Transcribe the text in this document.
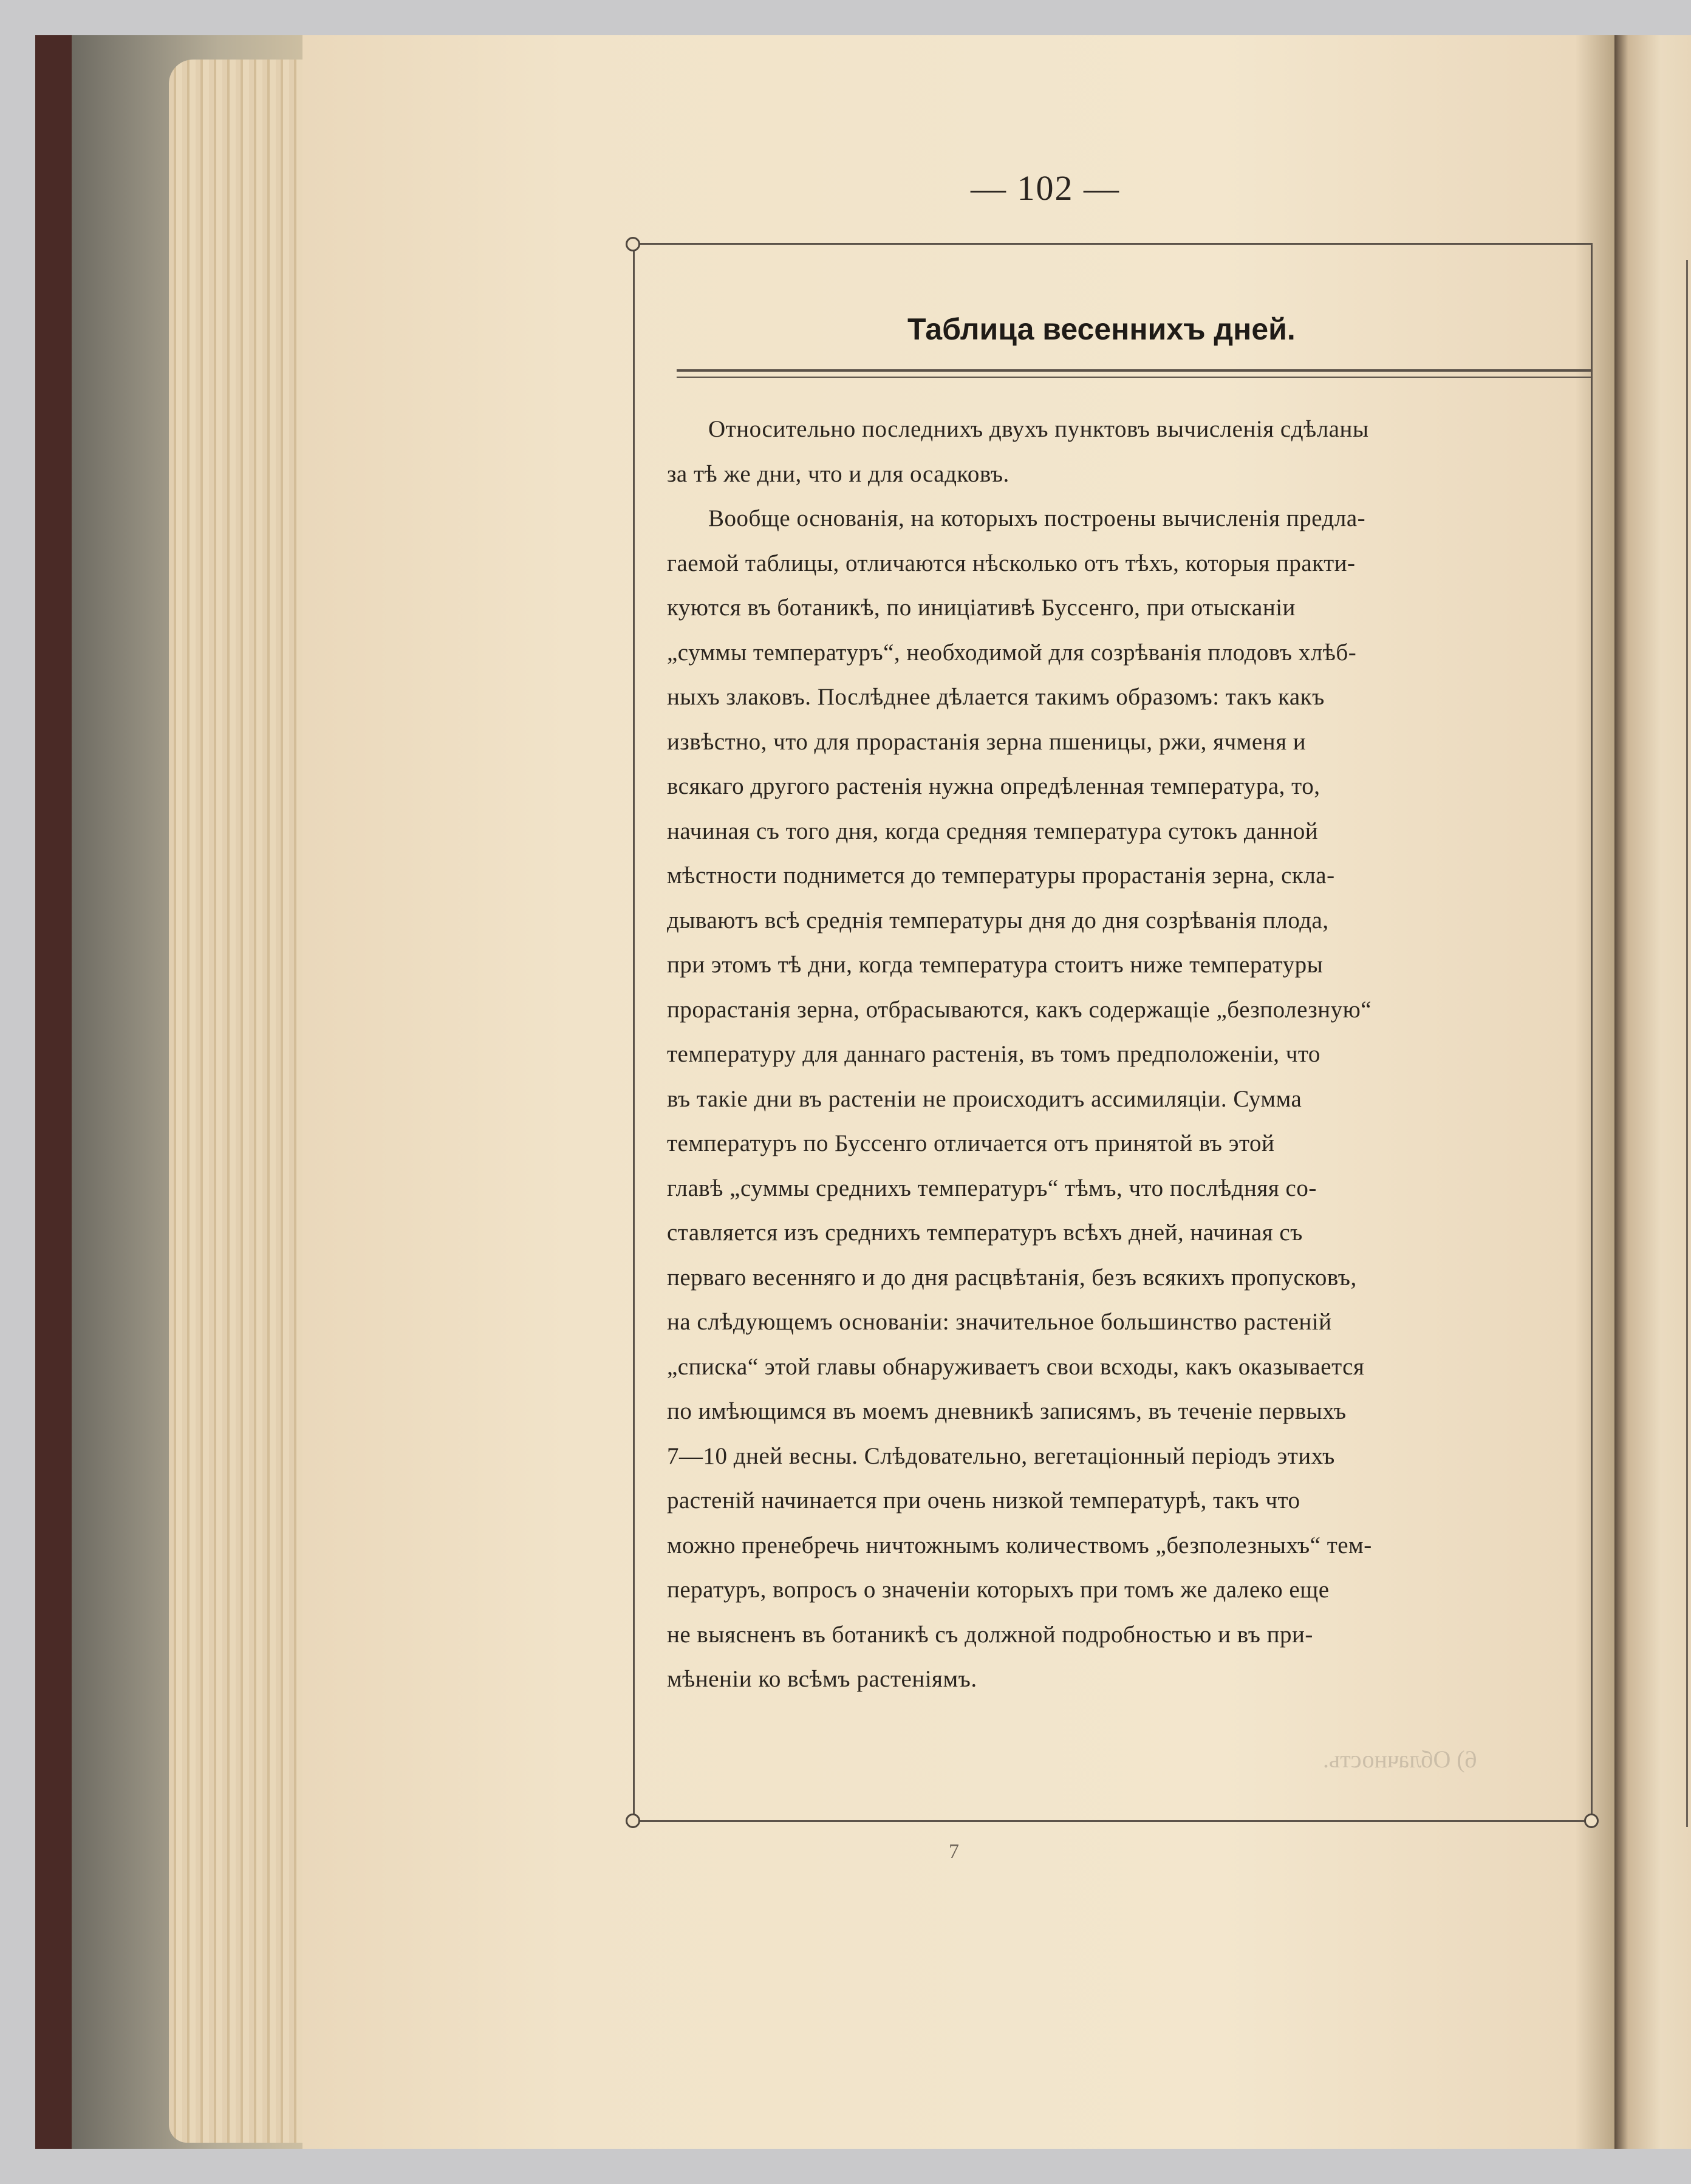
— 102 —
Таблица весеннихъ дней.
6) Облачность.
Относительно последнихъ двухъ пунктовъ вычисленія сдѣланы
за тѣ же дни, что и для осадковъ.
Вообще основанія, на которыхъ построены вычисленія предла-
гаемой таблицы, отличаются нѣсколько отъ тѣхъ, которыя практи-
куются въ ботаникѣ, по иниціативѣ Буссенго, при отысканіи
„суммы температуръ“, необходимой для созрѣванія плодовъ хлѣб-
ныхъ злаковъ. Послѣднее дѣлается такимъ образомъ: такъ какъ
извѣстно, что для прорастанія зерна пшеницы, ржи, ячменя и
всякаго другого растенія нужна опредѣленная температура, то,
начиная съ того дня, когда средняя температура сутокъ данной
мѣстности поднимется до температуры прорастанія зерна, скла-
дываютъ всѣ среднія температуры дня до дня созрѣванія плода,
при этомъ тѣ дни, когда температура стоитъ ниже температуры
прорастанія зерна, отбрасываются, какъ содержащіе „безполезную“
температуру для даннаго растенія, въ томъ предположеніи, что
въ такіе дни въ растеніи не происходитъ ассимиляціи. Сумма
температуръ по Буссенго отличается отъ принятой въ этой
главѣ „суммы среднихъ температуръ“ тѣмъ, что послѣдняя со-
ставляется изъ среднихъ температуръ всѣхъ дней, начиная съ
перваго весенняго и до дня расцвѣтанія, безъ всякихъ пропусковъ,
на слѣдующемъ основаніи: значительное большинство растеній
„списка“ этой главы обнаруживаетъ свои всходы, какъ оказывается
по имѣющимся въ моемъ дневникѣ записямъ, въ теченіе первыхъ
7—10 дней весны. Слѣдовательно, вегетаціонный періодъ этихъ
растеній начинается при очень низкой температурѣ, такъ что
можно пренебречь ничтожнымъ количествомъ „безполезныхъ“ тем-
пературъ, вопросъ о значеніи которыхъ при томъ же далеко еще
не выясненъ въ ботаникѣ съ должной подробностью и въ при-
мѣненіи ко всѣмъ растеніямъ.
7
